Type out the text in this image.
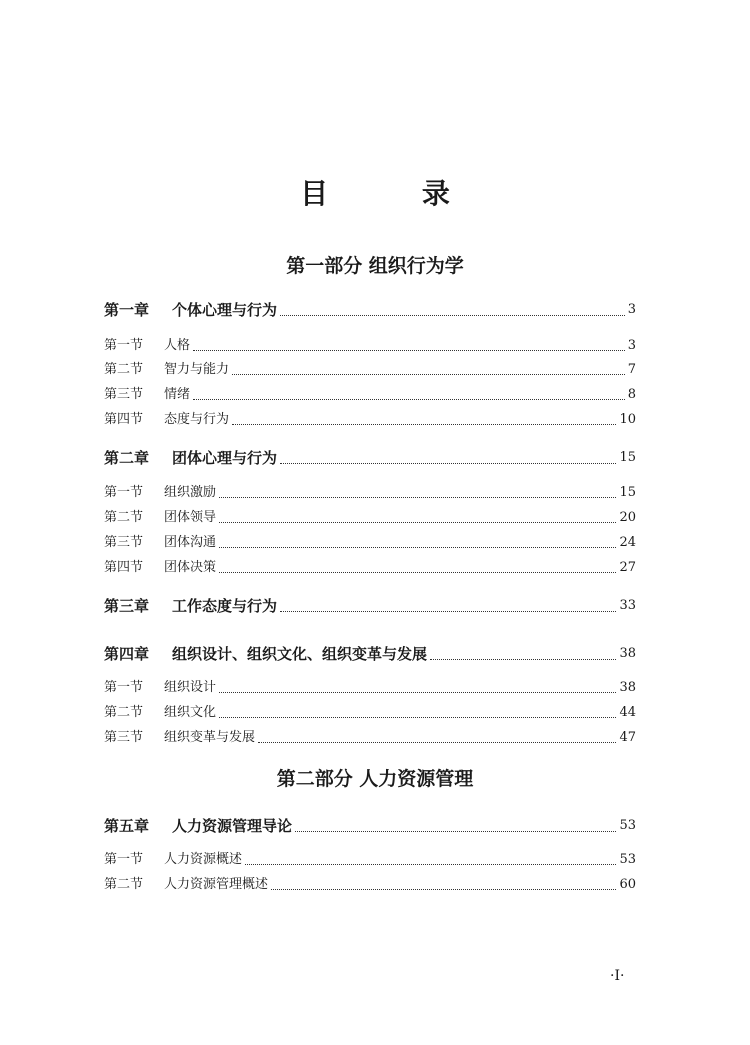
目 录
第一部分 组织行为学
第一章	个体心理与行为	3
第一节	人格	3
第二节	智力与能力	7
第三节	情绪	8
第四节	态度与行为	10
第二章	团体心理与行为	15
第一节	组织激励	15
第二节	团体领导	20
第三节	团体沟通	24
第四节	团体决策	27
第三章	工作态度与行为	33
第四章	组织设计、组织文化、组织变革与发展	38
第一节	组织设计	38
第二节	组织文化	44
第三节	组织变革与发展	47
第二部分 人力资源管理
第五章	人力资源管理导论	53
第一节	人力资源概述	53
第二节	人力资源管理概述	60
·I·
